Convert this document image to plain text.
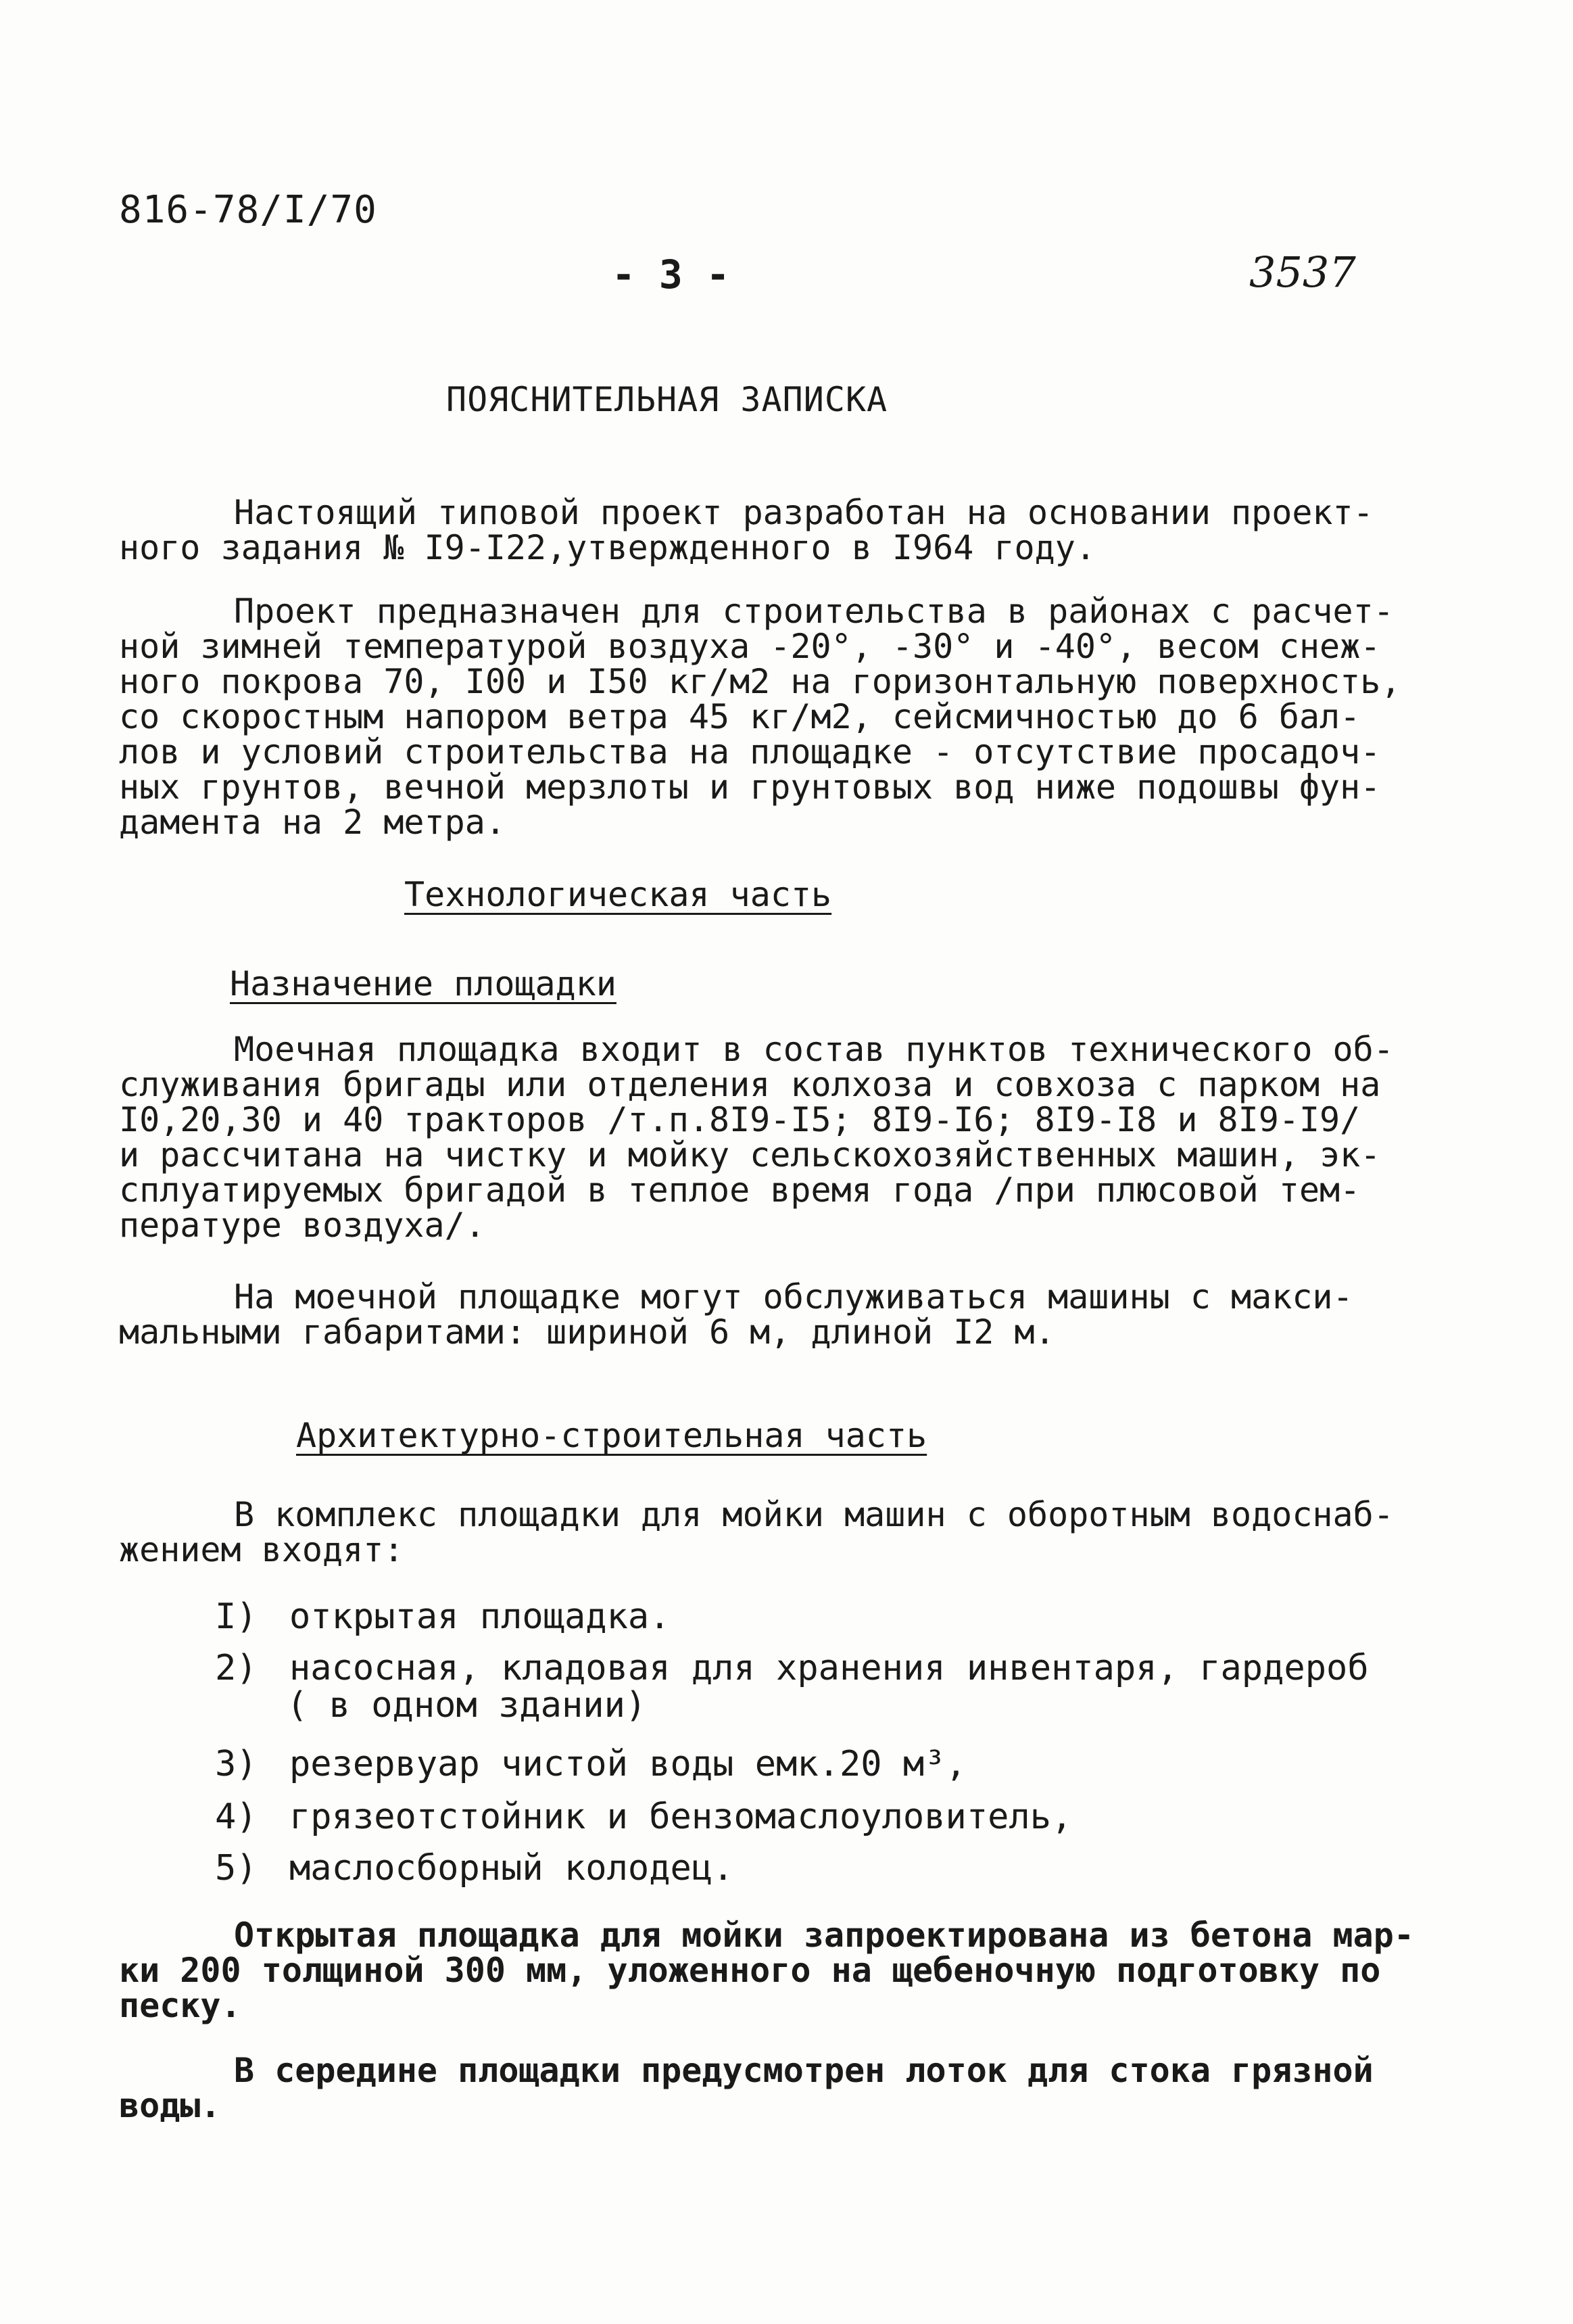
816-78/I/70
- 3 -	3537
ПОЯСНИТЕЛЬНАЯ ЗАПИСКА
Настоящий типовой проект разработан на основании проект-
ного задания № I9-I22,утвержденного в I964 году.
Проект предназначен для строительства в районах с расчет-
ной зимней температурой воздуха -20°, -30° и -40°, весом снеж-
ного покрова 70, I00 и I50 кг/м2 на горизонтальную поверхность,
со скоростным напором ветра 45 кг/м2, сейсмичностью до 6 бал-
лов и условий строительства на площадке - отсутствие просадоч-
ных грунтов, вечной мерзлоты и грунтовых вод ниже подошвы фун-
дамента на 2 метра.
Технологическая часть
Назначение площадки
Моечная площадка входит в состав пунктов технического об-
служивания бригады или отделения колхоза и совхоза с парком на
I0,20,30 и 40 тракторов /т.п.8I9-I5; 8I9-I6; 8I9-I8 и 8I9-I9/
и рассчитана на чистку и мойку сельскохозяйственных машин, эк-
сплуатируемых бригадой в теплое время года /при плюсовой тем-
пературе воздуха/.
На моечной площадке могут обслуживаться машины с макси-
мальными габаритами: шириной 6 м, длиной I2 м.
Архитектурно-строительная часть
В комплекс площадки для мойки машин с оборотным водоснаб-
жением входят:
I) открытая площадка.
2) насосная, кладовая для хранения инвентаря, гардероб
( в одном здании)
3) резервуар чистой воды емк.20 м³,
4) грязеотстойник и бензомаслоуловитель,
5) маслосборный колодец.
Открытая площадка для мойки запроектирована из бетона мар-
ки 200 толщиной 300 мм, уложенного на щебеночную подготовку по
песку.
В середине площадки предусмотрен лоток для стока грязной
воды.
